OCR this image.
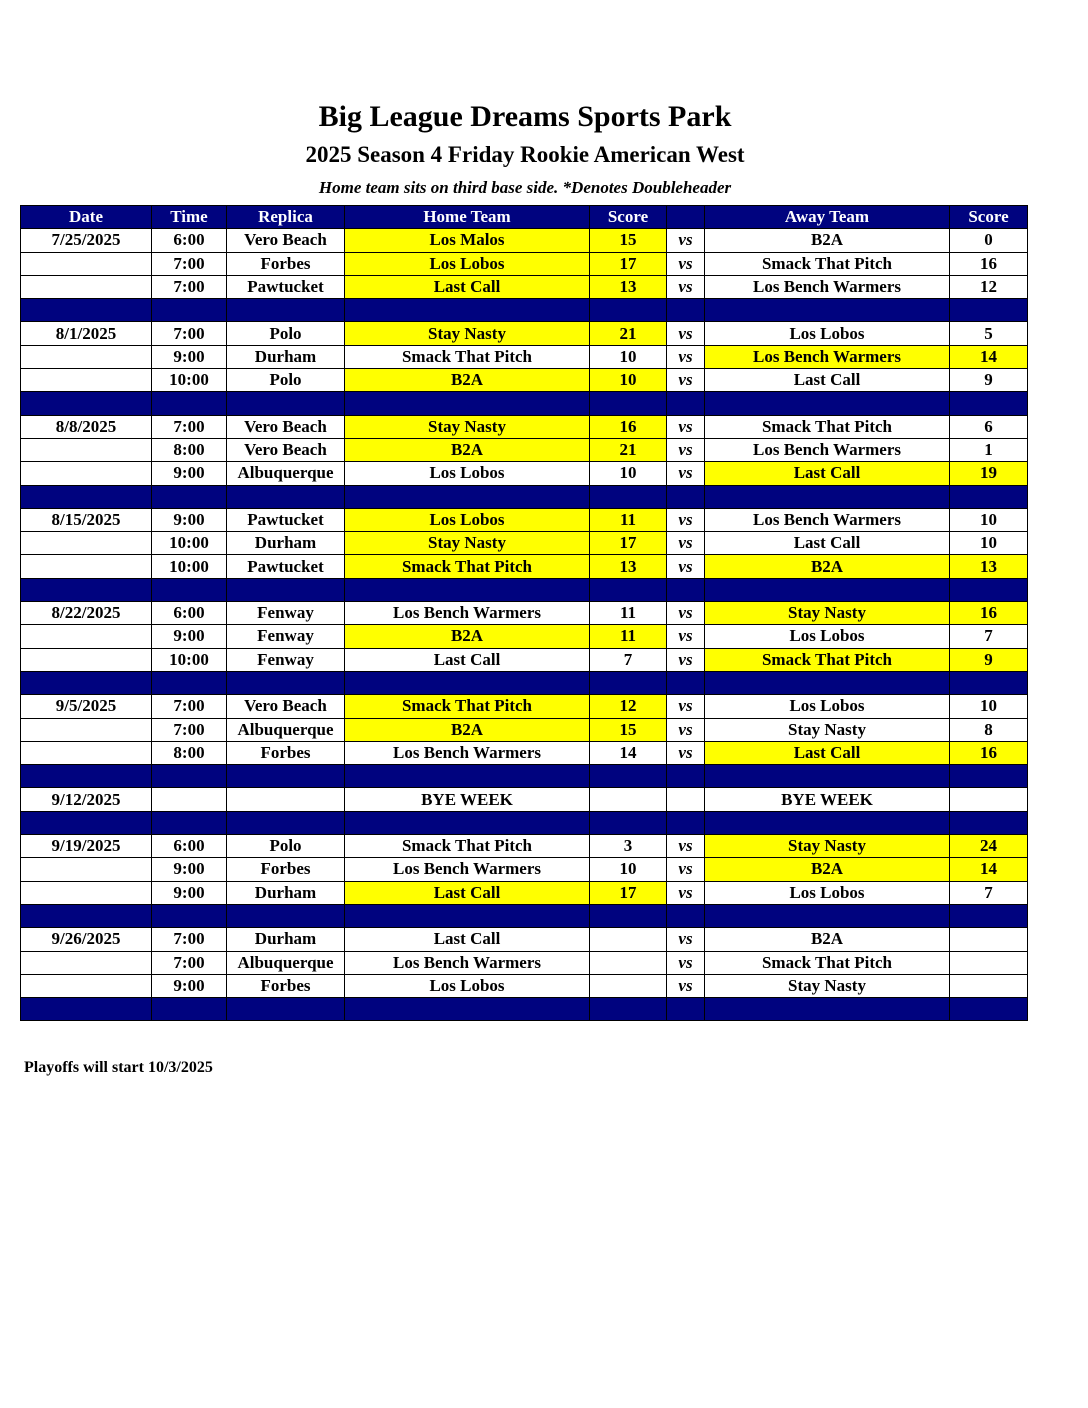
Big League Dreams Sports Park
2025 Season 4 Friday Rookie American West
Home team sits on third base side. *Denotes Doubleheader
Date	Time	Replica	Home Team	Score		Away Team	Score
7/25/2025	6:00	Vero Beach	Los Malos	15	vs	B2A	0
	7:00	Forbes	Los Lobos	17	vs	Smack That Pitch	16
	7:00	Pawtucket	Last Call	13	vs	Los Bench Warmers	12

8/1/2025	7:00	Polo	Stay Nasty	21	vs	Los Lobos	5
	9:00	Durham	Smack That Pitch	10	vs	Los Bench Warmers	14
	10:00	Polo	B2A	10	vs	Last Call	9

8/8/2025	7:00	Vero Beach	Stay Nasty	16	vs	Smack That Pitch	6
	8:00	Vero Beach	B2A	21	vs	Los Bench Warmers	1
	9:00	Albuquerque	Los Lobos	10	vs	Last Call	19

8/15/2025	9:00	Pawtucket	Los Lobos	11	vs	Los Bench Warmers	10
	10:00	Durham	Stay Nasty	17	vs	Last Call	10
	10:00	Pawtucket	Smack That Pitch	13	vs	B2A	13

8/22/2025	6:00	Fenway	Los Bench Warmers	11	vs	Stay Nasty	16
	9:00	Fenway	B2A	11	vs	Los Lobos	7
	10:00	Fenway	Last Call	7	vs	Smack That Pitch	9

9/5/2025	7:00	Vero Beach	Smack That Pitch	12	vs	Los Lobos	10
	7:00	Albuquerque	B2A	15	vs	Stay Nasty	8
	8:00	Forbes	Los Bench Warmers	14	vs	Last Call	16

9/12/2025			BYE WEEK			BYE WEEK	

9/19/2025	6:00	Polo	Smack That Pitch	3	vs	Stay Nasty	24
	9:00	Forbes	Los Bench Warmers	10	vs	B2A	14
	9:00	Durham	Last Call	17	vs	Los Lobos	7

9/26/2025	7:00	Durham	Last Call		vs	B2A	
	7:00	Albuquerque	Los Bench Warmers		vs	Smack That Pitch	
	9:00	Forbes	Los Lobos		vs	Stay Nasty	

Playoffs will start 10/3/2025
